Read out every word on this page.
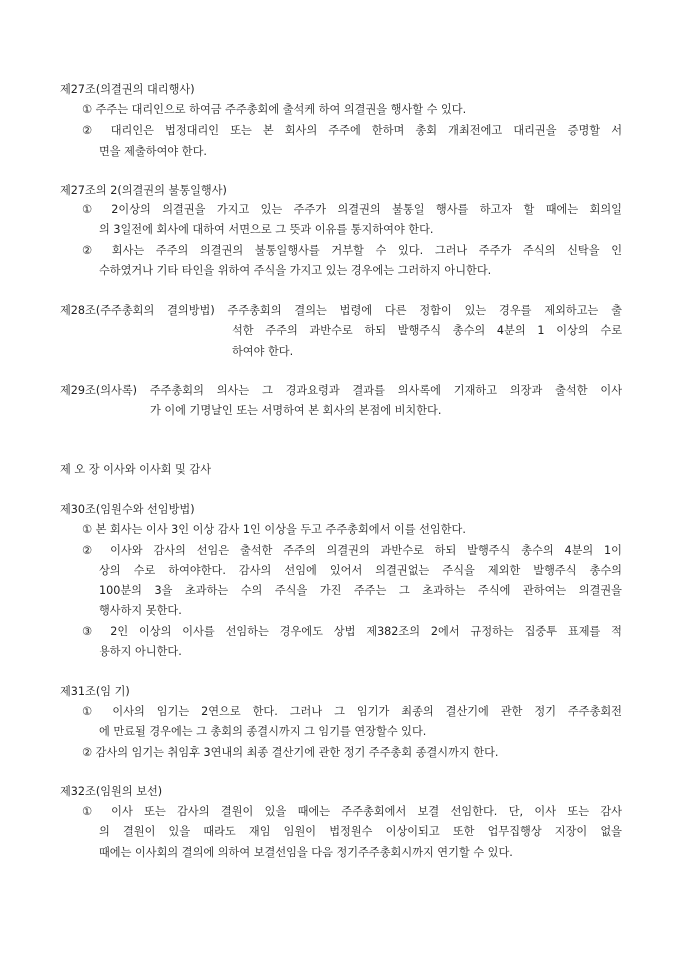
제27조(의결권의 대리행사)
① 주주는 대리인으로 하여금 주주총회에 출석케 하여 의결권을 행사할 수 있다.
② 대리인은 법정대리인 또는 본 회사의 주주에 한하며 총회 개최전에고 대리권을 증명할 서
면을 제출하여야 한다.
제27조의 2(의결권의 불통일행사)
① 2이상의 의결권을 가지고 있는 주주가 의결권의 불통일 행사를 하고자 할 때에는 회의일
의 3일전에 회사에 대하여 서면으로 그 뜻과 이유를 통지하여야 한다.
② 회사는 주주의 의결권의 불통일행사를 거부할 수 있다. 그러나 주주가 주식의 신탁을 인
수하였거나 기타 타인을 위하여 주식을 가지고 있는 경우에는 그러하지 아니한다.
제28조(주주총회의 결의방법) 주주총회의 결의는 법령에 다른 정함이 있는 경우를 제외하고는 출
석한 주주의 과반수로 하되 발행주식 총수의 4분의 1 이상의 수로
하여야 한다.
제29조(의사록) 주주총회의 의사는 그 경과요령과 결과를 의사록에 기재하고 의장과 출석한 이사
가 이에 기명날인 또는 서명하여 본 회사의 본점에 비치한다.
제 오 장 이사와 이사회 및 감사
제30조(임원수와 선임방법)
① 본 회사는 이사 3인 이상 감사 1인 이상을 두고 주주총회에서 이를 선임한다.
② 이사와 감사의 선임은 출석한 주주의 의결권의 과반수로 하되 발행주식 총수의 4분의 1이
상의 수로 하여야한다. 감사의 선임에 있어서 의결권없는 주식을 제외한 발행주식 총수의
100분의 3을 초과하는 수의 주식을 가진 주주는 그 초과하는 주식에 관하여는 의결권을
행사하지 못한다.
③ 2인 이상의 이사를 선임하는 경우에도 상법 제382조의 2에서 규정하는 집중투 표제를 적
용하지 아니한다.
제31조(임 기)
① 이사의 임기는 2연으로 한다. 그러나 그 임기가 최종의 결산기에 관한 정기 주주총회전
에 만료될 경우에는 그 총회의 종결시까지 그 임기를 연장할수 있다.
② 감사의 임기는 취임후 3연내의 최종 결산기에 관한 정기 주주총회 종결시까지 한다.
제32조(임원의 보선)
① 이사 또는 감사의 결원이 있을 때에는 주주총회에서 보결 선임한다. 단, 이사 또는 감사
의 결원이 있을 때라도 재임 임원이 법정원수 이상이되고 또한 업무집행상 지장이 없을
때에는 이사회의 결의에 의하여 보결선임을 다음 정기주주총회시까지 연기할 수 있다.
